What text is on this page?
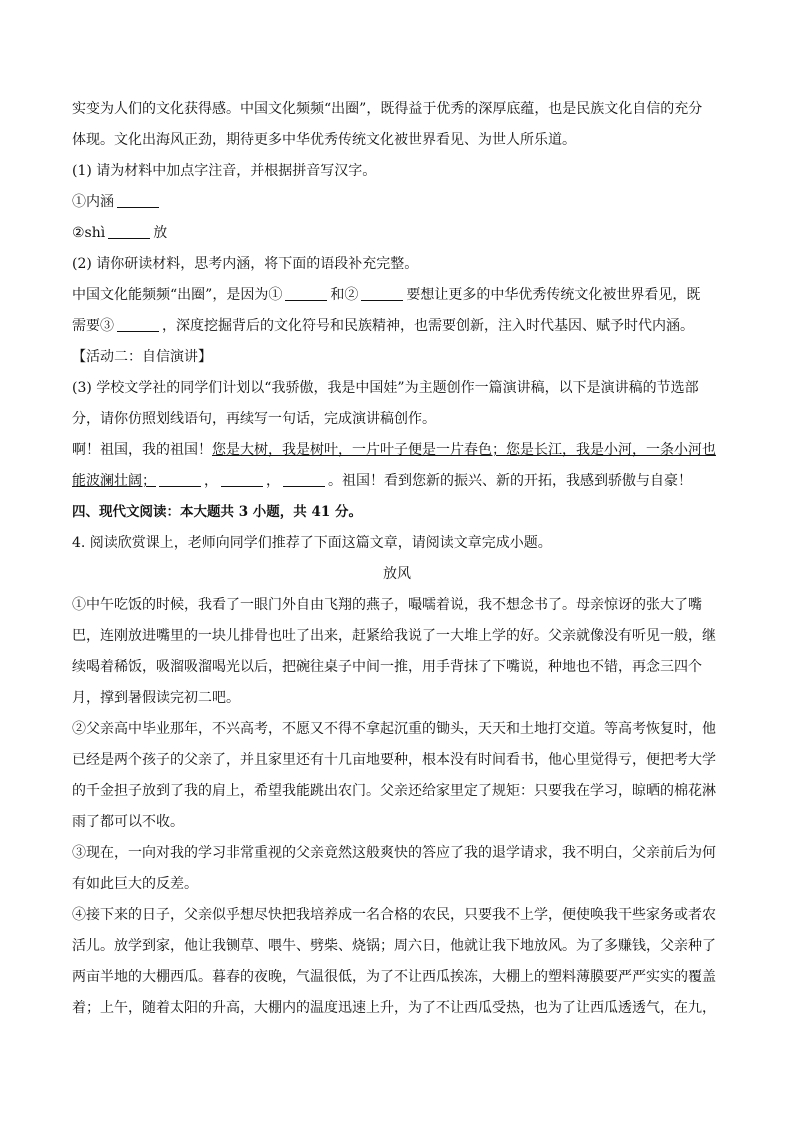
实变为人们的文化获得感。中国文化频频“出圈”，既得益于优秀的深厚底蕴，也是民族文化自信的充分

体现。文化出海风正劲，期待更多中华优秀传统文化被世界看见、为世人所乐道。

(1) 请为材料中加点字注音，并根据拼音写汉字。

①内涵

②shì	放

(2) 请你研读材料，思考内涵，将下面的语段补充完整。

中国文化能频频“出圈”，是因为①	和②	要想让更多的中华优秀传统文化被世界看见，既

需要③	，深度挖掘背后的文化符号和民族精神，也需要创新，注入时代基因、赋予时代内涵。

【活动二：自信演讲】

(3) 学校文学社的同学们计划以“我骄傲，我是中国娃”为主题创作一篇演讲稿，以下是演讲稿的节选部

分，请你仿照划线语句，再续写一句话，完成演讲稿创作。

啊！祖国，我的祖国！您是大树，我是树叶，一片叶子便是一片春色；您是长江，我是小河，一条小河也

能波澜壮阔；	，	，	。祖国！看到您新的振兴、新的开拓，我感到骄傲与自豪！

四、现代文阅读：本大题共 3 小题，共 41 分。

4. 阅读欣赏课上，老师向同学们推荐了下面这篇文章，请阅读文章完成小题。

放风

①中午吃饭的时候，我看了一眼门外自由飞翔的燕子，嘬嚅着说，我不想念书了。母亲惊讶的张大了嘴

巴，连刚放进嘴里的一块儿排骨也吐了出来，赶紧给我说了一大堆上学的好。父亲就像没有听见一般，继

续喝着稀饭，吸溜吸溜喝光以后，把碗往桌子中间一推，用手背抹了下嘴说，种地也不错，再念三四个

月，撑到暑假读完初二吧。

②父亲高中毕业那年，不兴高考，不愿又不得不拿起沉重的锄头，天天和土地打交道。等高考恢复时，他

已经是两个孩子的父亲了，并且家里还有十几亩地要种，根本没有时间看书，他心里觉得亏，便把考大学

的千金担子放到了我的肩上，希望我能跳出农门。父亲还给家里定了规矩：只要我在学习，晾晒的棉花淋

雨了都可以不收。

③现在，一向对我的学习非常重视的父亲竟然这般爽快的答应了我的退学请求，我不明白，父亲前后为何

有如此巨大的反差。

④接下来的日子，父亲似乎想尽快把我培养成一名合格的农民，只要我不上学，便使唤我干些家务或者农

活儿。放学到家，他让我铡草、喂牛、劈柴、烧锅；周六日，他就让我下地放风。为了多赚钱，父亲种了

两亩半地的大棚西瓜。暮春的夜晚，气温很低，为了不让西瓜挨冻，大棚上的塑料薄膜要严严实实的覆盖

着；上午，随着太阳的升高，大棚内的温度迅速上升，为了不让西瓜受热，也为了让西瓜透透气，在九，
